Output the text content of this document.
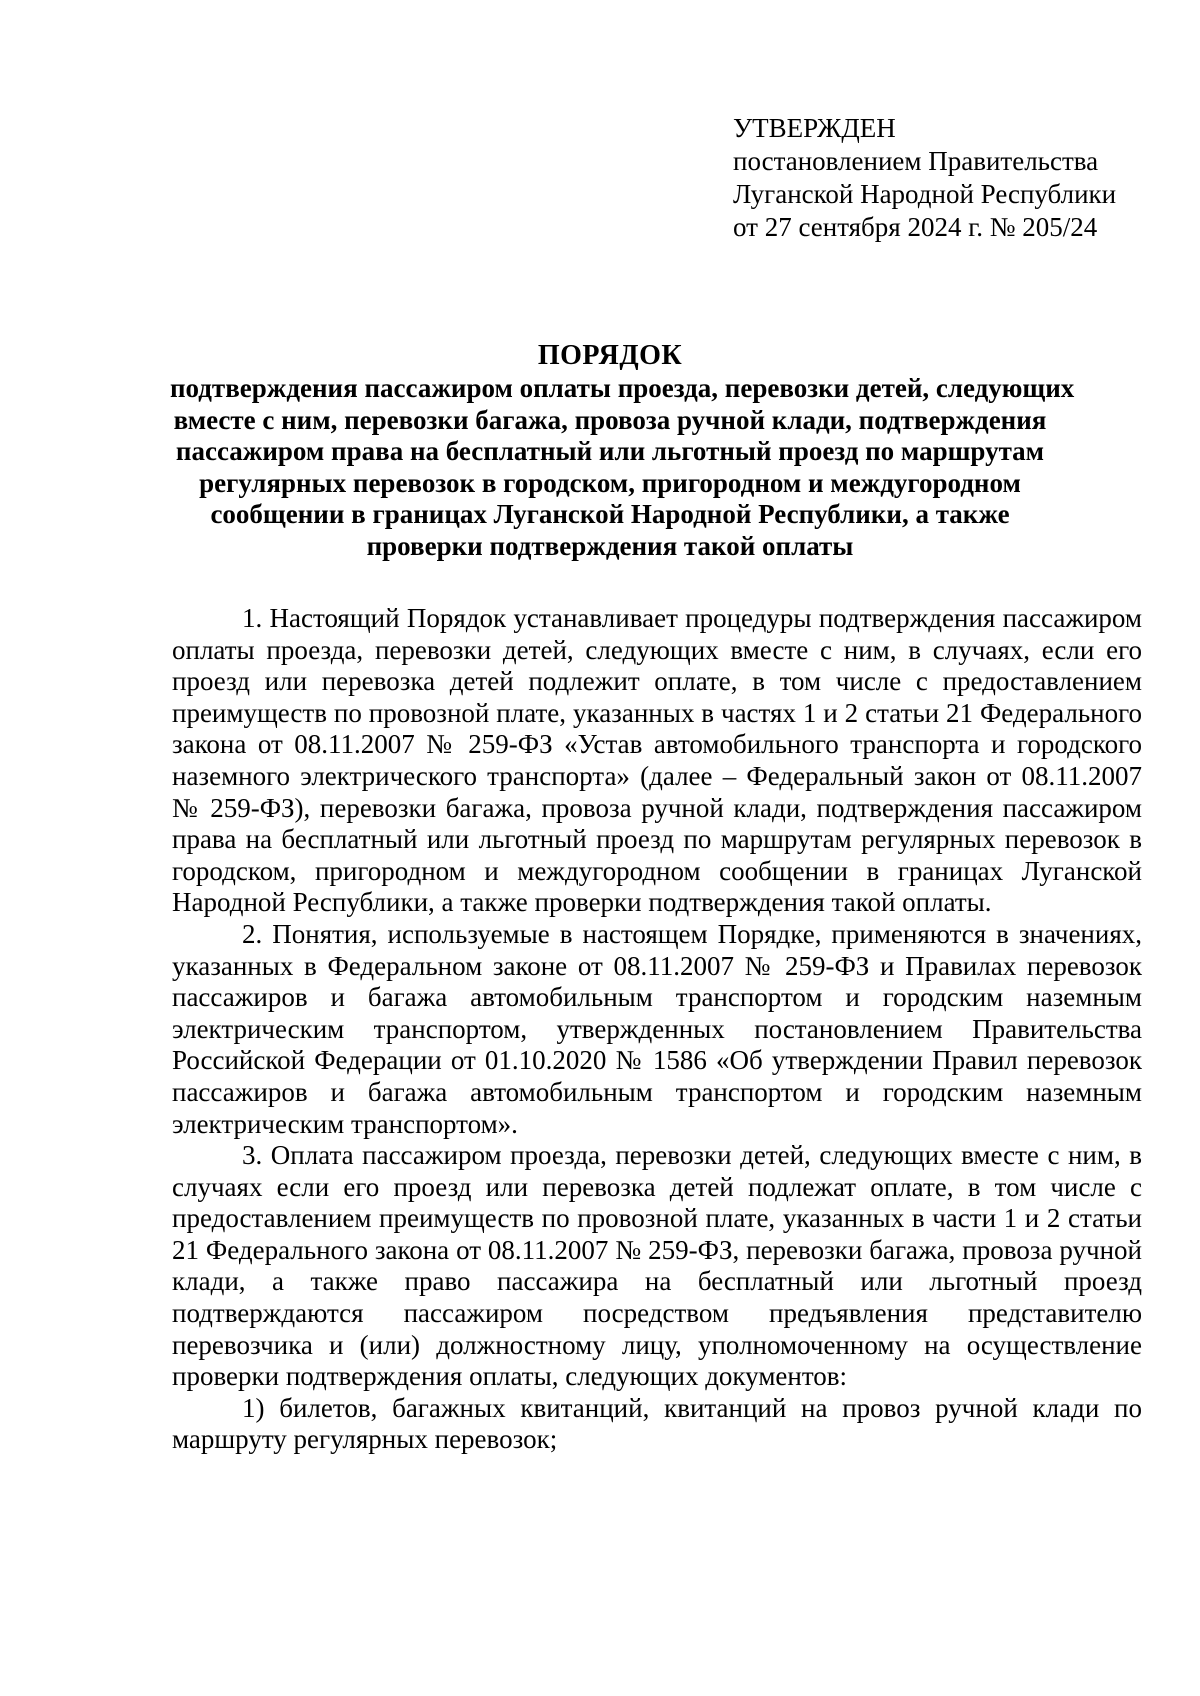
УТВЕРЖДЕН
постановлением Правительства
Луганской Народной Республики
от 27 сентября 2024 г. № 205/24
ПОРЯДОК
подтверждения пассажиром оплаты проезда, перевозки детей, следующих
вместе с ним, перевозки багажа, провоза ручной клади, подтверждения
пассажиром права на бесплатный или льготный проезд по маршрутам
регулярных перевозок в городском, пригородном и междугородном
сообщении в границах Луганской Народной Республики, а также
проверки подтверждения такой оплаты

1. Настоящий Порядок устанавливает процедуры подтверждения пассажиром оплаты проезда, перевозки детей, следующих вместе с ним, в случаях, если его проезд или перевозка детей подлежит оплате, в том числе с предоставлением преимуществ по провозной плате, указанных в частях 1 и 2 статьи 21 Федерального закона от 08.11.2007 № 259-ФЗ «Устав автомобильного транспорта и городского наземного электрического транспорта» (далее – Федеральный закон от 08.11.2007 № 259-ФЗ), перевозки багажа, провоза ручной клади, подтверждения пассажиром права на бесплатный или льготный проезд по маршрутам регулярных перевозок в городском, пригородном и междугородном сообщении в границах Луганской Народной Республики, а также проверки подтверждения такой оплаты.

2. Понятия, используемые в настоящем Порядке, применяются в значениях, указанных в Федеральном законе от 08.11.2007 № 259-ФЗ и Правилах перевозок пассажиров и багажа автомобильным транспортом и городским наземным электрическим транспортом, утвержденных постановлением Правительства Российской Федерации от 01.10.2020 № 1586 «Об утверждении Правил перевозок пассажиров и багажа автомобильным транспортом и городским наземным электрическим транспортом».

3. Оплата пассажиром проезда, перевозки детей, следующих вместе с ним, в случаях если его проезд или перевозка детей подлежат оплате, в том числе с предоставлением преимуществ по провозной плате, указанных в части 1 и 2 статьи 21 Федерального закона от 08.11.2007 № 259-ФЗ, перевозки багажа, провоза ручной клади, а также право пассажира на бесплатный или льготный проезд подтверждаются пассажиром посредством предъявления представителю перевозчика и (или) должностному лицу, уполномоченному на осуществление проверки подтверждения оплаты, следующих документов:

1) билетов, багажных квитанций, квитанций на провоз ручной клади по маршруту регулярных перевозок;
